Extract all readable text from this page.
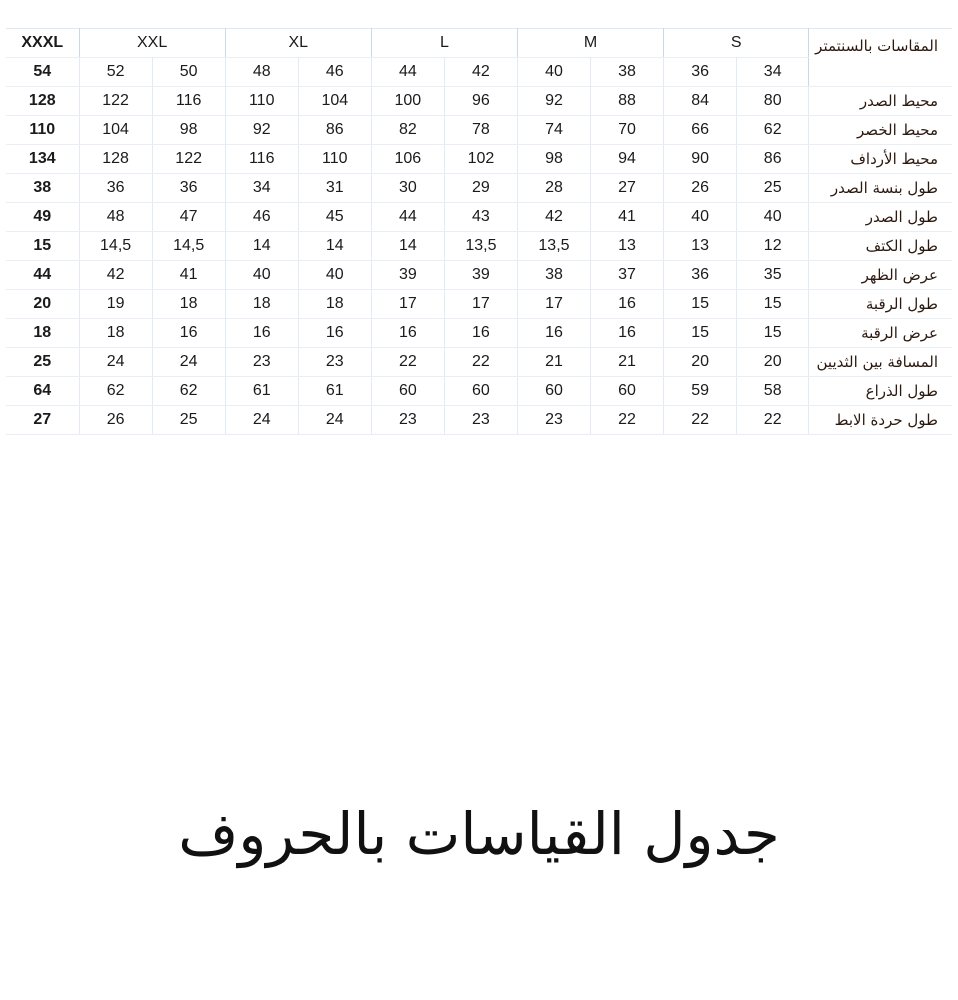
XXXL	XXL		XL		L		M		S		المقاسات بالسنتمتر
54	52	50	48	46	44	42	40	38	36	34	
128	122	116	110	104	100	96	92	88	84	80	محيط الصدر
110	104	98	92	86	82	78	74	70	66	62	محيط الخصر
134	128	122	116	110	106	102	98	94	90	86	محيط الأرداف
38	36	36	34	31	30	29	28	27	26	25	طول بنسة الصدر
49	48	47	46	45	44	43	42	41	40	40	طول الصدر
15	14,5	14,5	14	14	14	13,5	13,5	13	13	12	طول الكتف
44	42	41	40	40	39	39	38	37	36	35	عرض الظهر
20	19	18	18	18	17	17	17	16	15	15	طول الرقبة
18	18	16	16	16	16	16	16	16	15	15	عرض الرقبة
25	24	24	23	23	22	22	21	21	20	20	المسافة بين الثديين
64	62	62	61	61	60	60	60	60	59	58	طول الذراع
27	26	25	24	24	23	23	23	22	22	22	طول حردة الابط
جدول القياسات بالحروف
